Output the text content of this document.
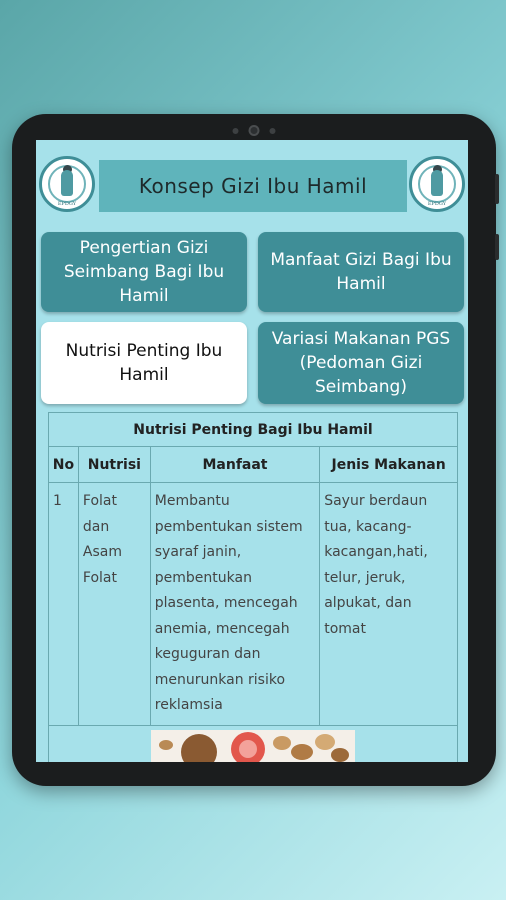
EPDGY
Konsep Gizi Ibu Hamil
EPDGY
Pengertian Gizi Seimbang Bagi Ibu Hamil
Manfaat Gizi Bagi Ibu Hamil
Nutrisi Penting Ibu Hamil
Variasi Makanan PGS (Pedoman Gizi Seimbang)
Nutrisi Penting Bagi Ibu Hamil			
No	Nutrisi	Manfaat	Jenis Makanan
1	Folat dan Asam Folat	Membantu pembentukan sistem syaraf janin, pembentukan plasenta, mencegah anemia, mencegah keguguran dan menurunkan risiko reklamsia	Sayur berdaun tua, kacang-kacangan,hati, telur, jeruk, alpukat, dan tomat
